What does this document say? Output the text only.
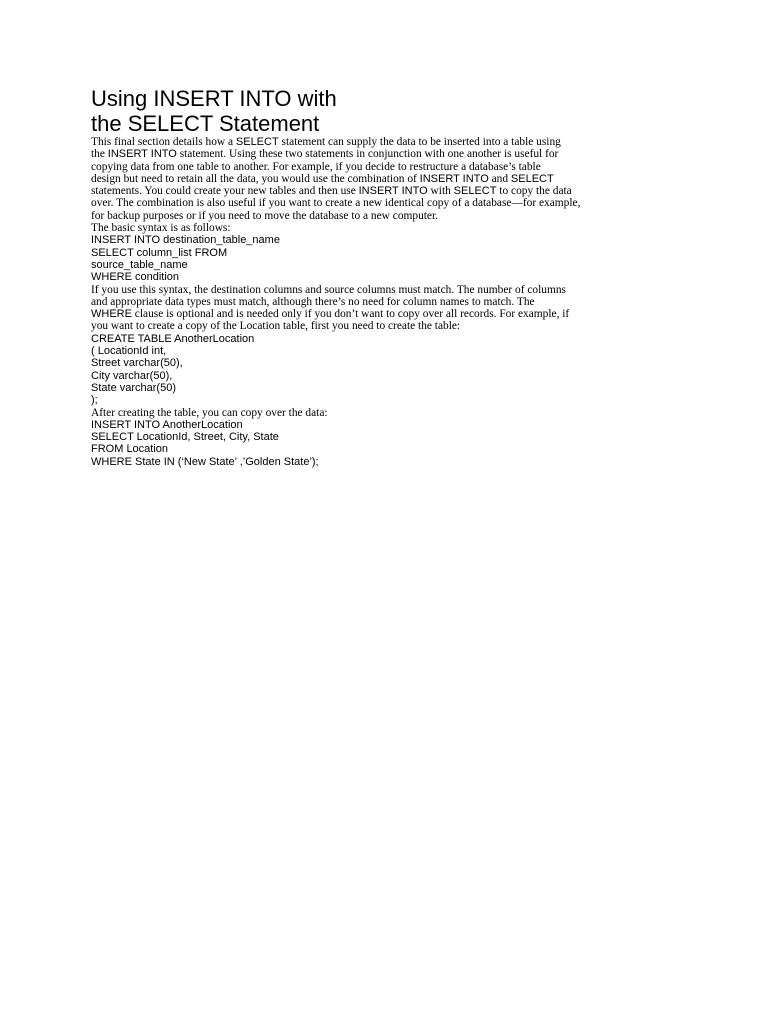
Using INSERT INTO with
the SELECT Statement
This final section details how a SELECT statement can supply the data to be inserted into a table using
the INSERT INTO statement. Using these two statements in conjunction with one another is useful for
copying data from one table to another. For example, if you decide to restructure a database’s table
design but need to retain all the data, you would use the combination of INSERT INTO and SELECT
statements. You could create your new tables and then use INSERT INTO with SELECT to copy the data
over. The combination is also useful if you want to create a new identical copy of a database—for example,
for backup purposes or if you need to move the database to a new computer.
The basic syntax is as follows:
INSERT INTO destination_table_name
SELECT column_list FROM
source_table_name
WHERE condition
If you use this syntax, the destination columns and source columns must match. The number of columns
and appropriate data types must match, although there’s no need for column names to match. The
WHERE clause is optional and is needed only if you don’t want to copy over all records. For example, if
you want to create a copy of the Location table, first you need to create the table:
CREATE TABLE AnotherLocation
( LocationId int,
Street varchar(50),
City varchar(50),
State varchar(50)
);
After creating the table, you can copy over the data:
INSERT INTO AnotherLocation
SELECT LocationId, Street, City, State
FROM Location
WHERE State IN (‘New State’ ,’Golden State’);
